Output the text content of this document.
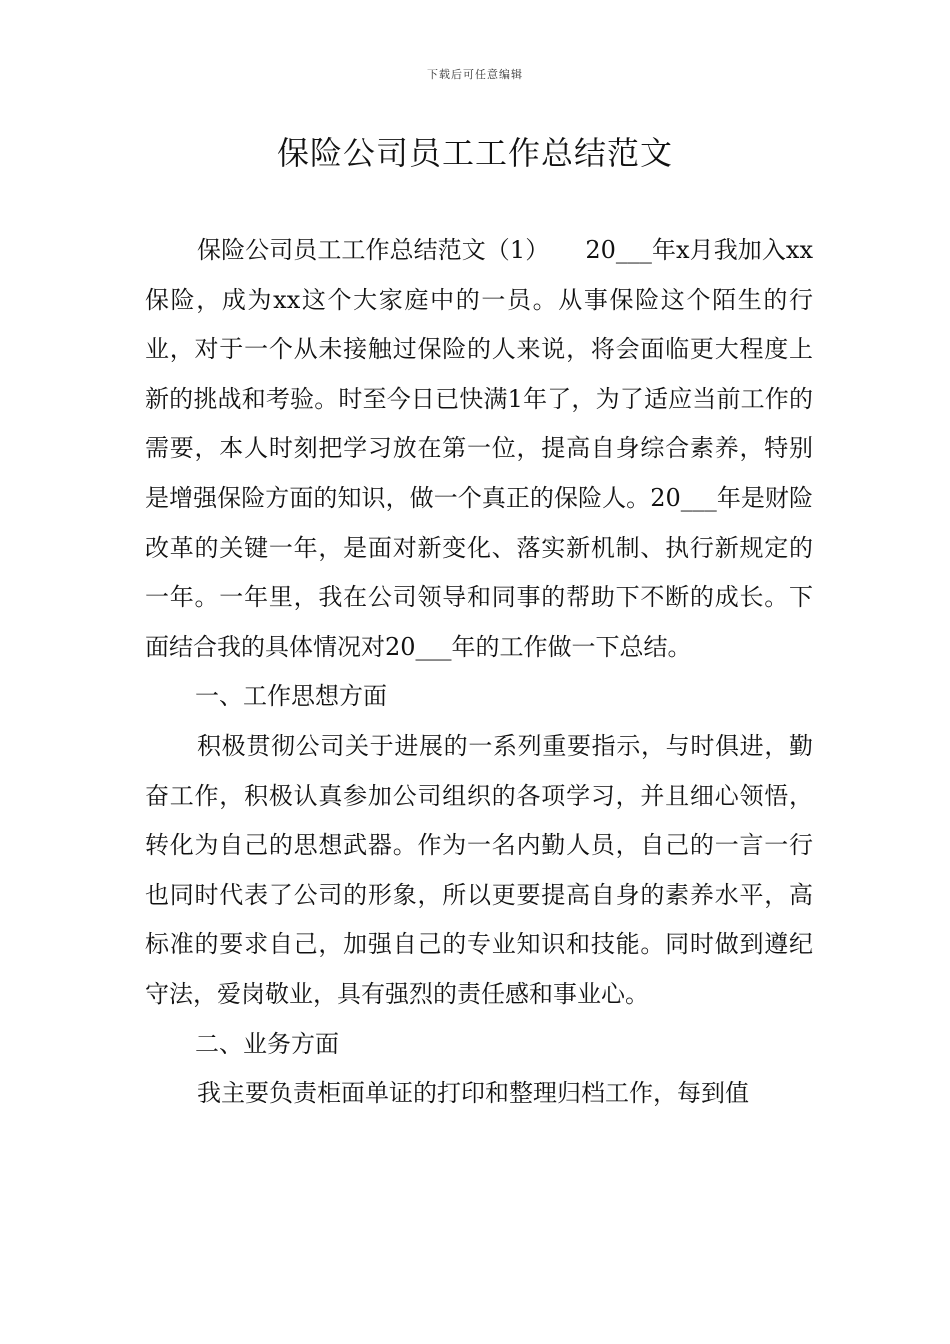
下载后可任意编辑
保险公司员工工作总结范文

保险公司员工工作总结范文（1）　　20___年x月我加入xx保险，成为xx这个大家庭中的一员。从事保险这个陌生的行业，对于一个从未接触过保险的人来说，将会面临更大程度上新的挑战和考验。时至今日已快满1年了，为了适应当前工作的需要，本人时刻把学习放在第一位，提高自身综合素养，特别是增强保险方面的知识，做一个真正的保险人。20___年是财险改革的关键一年，是面对新变化、落实新机制、执行新规定的一年。一年里，我在公司领导和同事的帮助下不断的成长。下面结合我的具体情况对20___年的工作做一下总结。

一、工作思想方面

积极贯彻公司关于进展的一系列重要指示，与时俱进，勤奋工作，积极认真参加公司组织的各项学习，并且细心领悟，转化为自己的思想武器。作为一名内勤人员，自己的一言一行也同时代表了公司的形象，所以更要提高自身的素养水平，高标准的要求自己，加强自己的专业知识和技能。同时做到遵纪守法，爱岗敬业，具有强烈的责任感和事业心。

二、业务方面

我主要负责柜面单证的打印和整理归档工作，每到值
